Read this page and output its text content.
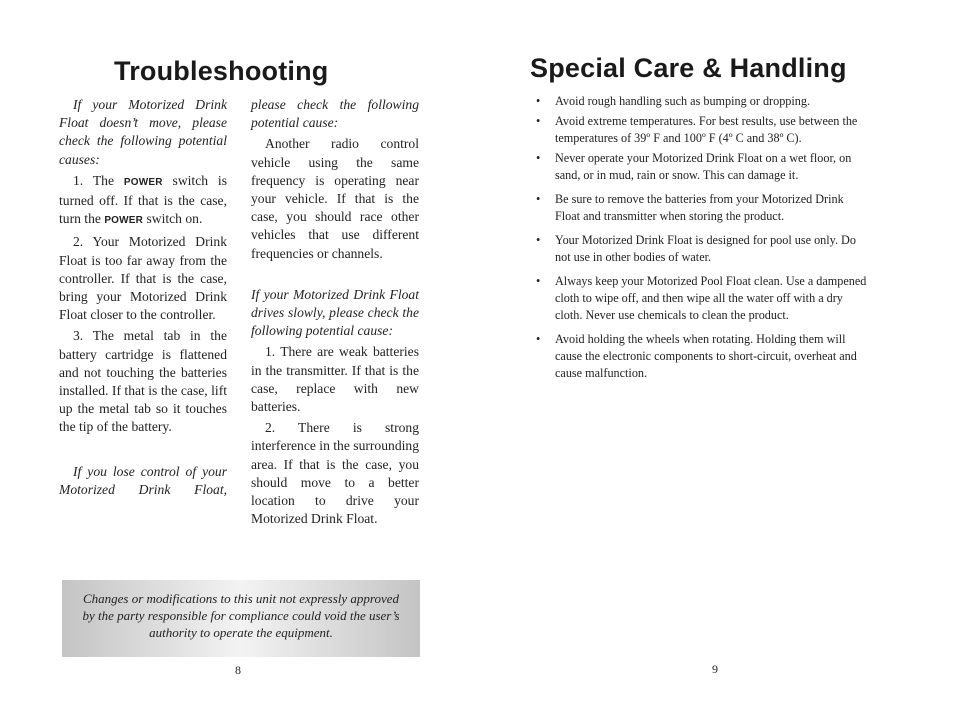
Troubleshooting

If your Motorized Drink Float doesn’t move, please check the following potential causes:

1. The POWER switch is turned off. If that is the case, turn the POWER switch on.

2. Your Motorized Drink Float is too far away from the controller. If that is the case, bring your Motorized Drink Float closer to the controller.

3. The metal tab in the battery cartridge is flattened and not touching the batteries installed. If that is the case, lift up the metal tab so it touches the tip of the battery.

If you lose control of your Motorized Drink Float,

please check the following potential cause:

Another radio control vehicle using the same frequency is operating near your vehicle. If that is the case, you should race other vehicles that use different frequencies or channels.

If your Motorized Drink Float drives slowly, please check the following potential cause:

1. There are weak batteries in the transmitter. If that is the case, replace with new batteries.

2. There is strong interference in the surrounding area. If that is the case, you should move to a better location to drive your Motorized Drink Float.

Changes or modifications to this unit not expressly approved by the party responsible for compliance could void the user’s authority to operate the equipment.
8
Special Care & Handling
• Avoid rough handling such as bumping or dropping.
• Avoid extreme temperatures. For best results, use between the temperatures of 39º F and 100º F (4º C and 38º C).
• Never operate your Motorized Drink Float on a wet floor, on sand, or in mud, rain or snow. This can damage it.
• Be sure to remove the batteries from your Motorized Drink Float and transmitter when storing the product.
• Your Motorized Drink Float is designed for pool use only. Do not use in other bodies of water.
• Always keep your Motorized Pool Float clean. Use a dampened cloth to wipe off, and then wipe all the water off with a dry cloth. Never use chemicals to clean the product.
• Avoid holding the wheels when rotating. Holding them will cause the electronic components to short-circuit, overheat and cause malfunction.
9
